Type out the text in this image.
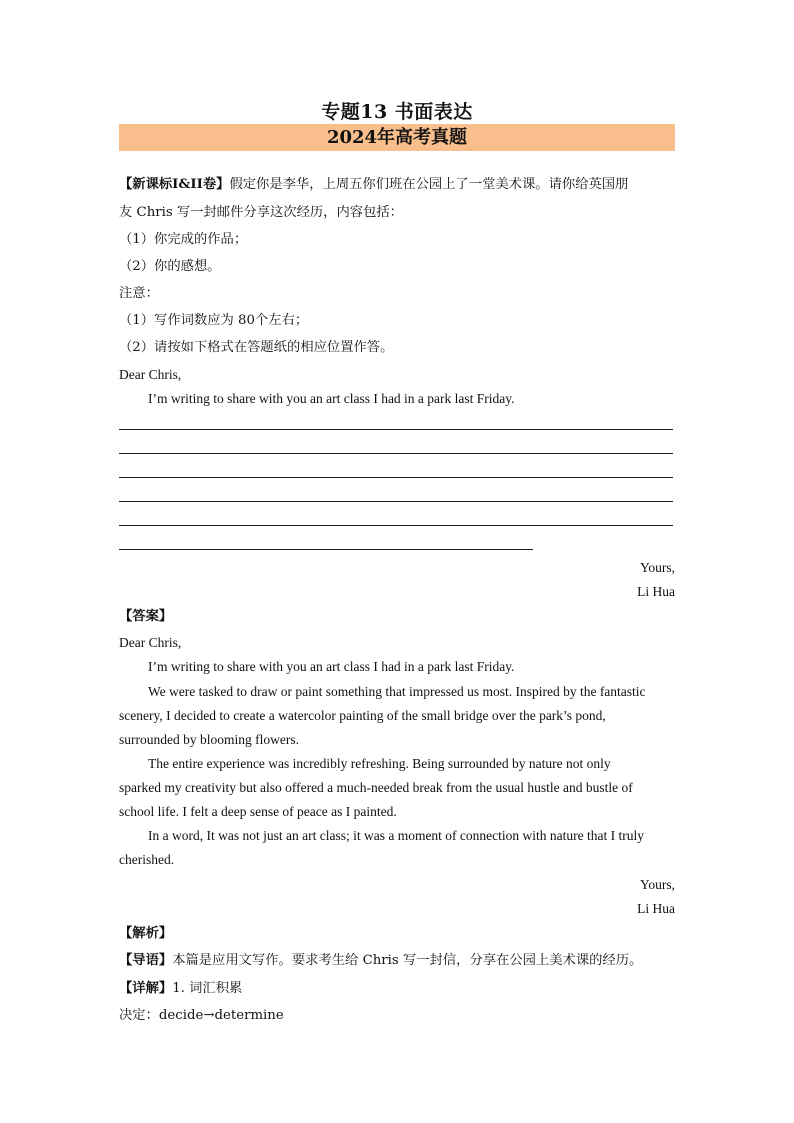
专题13 书面表达
2024年高考真题
【新课标Ⅰ&ⅠⅠ卷】假定你是李华，上周五你们班在公园上了一堂美术课。请你给英国朋
友 Chris 写一封邮件分享这次经历，内容包括：
（1）你完成的作品；
（2）你的感想。
注意：
（1）写作词数应为 80个左右；
（2）请按如下格式在答题纸的相应位置作答。
Dear Chris,
I’m writing to share with you an art class I had in a park last Friday.
Yours,
Li Hua
【答案】
Dear Chris,
I’m writing to share with you an art class I had in a park last Friday.
We were tasked to draw or paint something that impressed us most. Inspired by the fantastic
scenery, I decided to create a watercolor painting of the small bridge over the park’s pond,
surrounded by blooming flowers.
The entire experience was incredibly refreshing. Being surrounded by nature not only
sparked my creativity but also offered a much-needed break from the usual hustle and bustle of
school life. I felt a deep sense of peace as I painted.
In a word, It was not just an art class; it was a moment of connection with nature that I truly
cherished.
Yours,
Li Hua
【解析】
【导语】本篇是应用文写作。要求考生给 Chris 写一封信，分享在公园上美术课的经历。
【详解】1. 词汇积累
决定：decide→determine
